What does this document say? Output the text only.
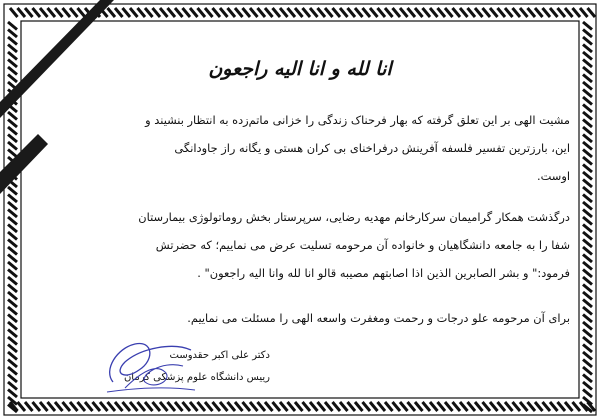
انا لله و انا الیه راجعون

مشیت الهی بر این تعلق گرفته که بهار فرحناک زندگی را خزانی ماتم‌زده به انتظار بنشیند و

این، بارزترین تفسیر فلسفه آفرینش درفراخنای بی کران هستی و یگانه راز جاودانگی

اوست.

درگذشت همکار گرامیمان سرکارخانم مهدیه رضایی، سرپرستار بخش روماتولوژی بیمارستان

شفا را به جامعه دانشگاهیان و خانواده آن مرحومه تسلیت عرض می نماییم؛ که حضرتش

فرمود:" و بشر الصابرین الذین اذا اصابتهم مصیبه قالو انا لله وانا الیه راجعون" .

برای آن مرحومه علو درجات و رحمت ومغفرت واسعه الهی را مسئلت می نماییم.

دکتر علی اکبر حقدوست
رییس دانشگاه علوم پزشکی کرمان
